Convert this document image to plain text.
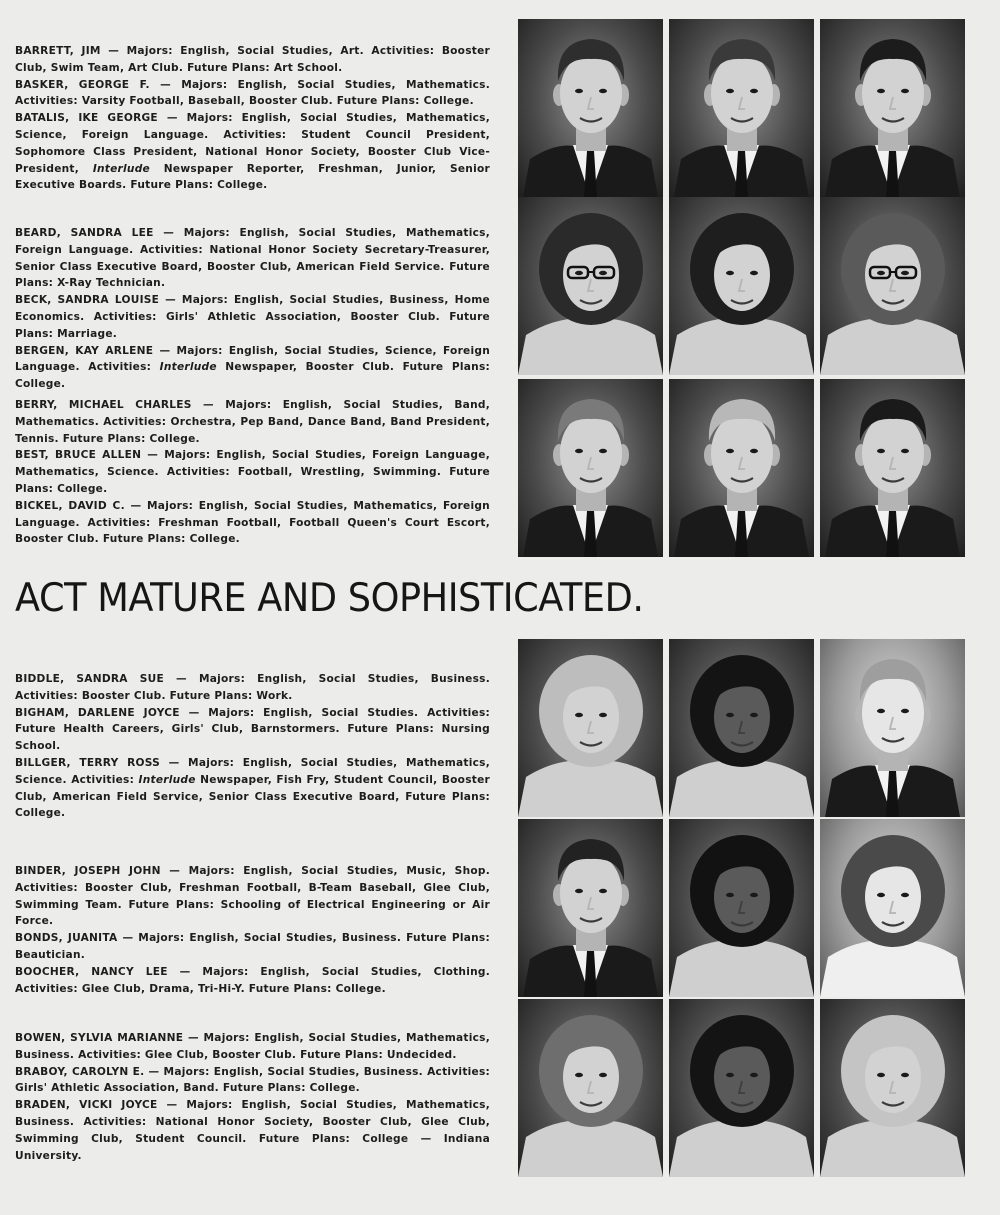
BARRETT, JIM — Majors: English, Social Studies, Art. Activities: Booster Club, Swim Team, Art Club. Future Plans: Art School.

BASKER, GEORGE F. — Majors: English, Social Studies, Mathematics. Activities: Varsity Football, Baseball, Booster Club. Future Plans: College.

BATALIS, IKE GEORGE — Majors: English, Social Studies, Mathematics, Science, Foreign Language. Activities: Student Council President, Sophomore Class President, National Honor Society, Booster Club Vice-President, Interlude Newspaper Reporter, Freshman, Junior, Senior Executive Boards. Future Plans: College.

BEARD, SANDRA LEE — Majors: English, Social Studies, Mathematics, Foreign Language. Activities: National Honor Society Secretary-Treasurer, Senior Class Executive Board, Booster Club, American Field Service. Future Plans: X-Ray Technician.

BECK, SANDRA LOUISE — Majors: English, Social Studies, Business, Home Economics. Activities: Girls' Athletic Association, Booster Club. Future Plans: Marriage.

BERGEN, KAY ARLENE — Majors: English, Social Studies, Science, Foreign Language. Activities: Interlude Newspaper, Booster Club. Future Plans: College.

BERRY, MICHAEL CHARLES — Majors: English, Social Studies, Band, Mathematics. Activities: Orchestra, Pep Band, Dance Band, Band President, Tennis. Future Plans: College.

BEST, BRUCE ALLEN — Majors: English, Social Studies, Foreign Language, Mathematics, Science. Activities: Football, Wrestling, Swimming. Future Plans: College.

BICKEL, DAVID C. — Majors: English, Social Studies, Mathematics, Foreign Language. Activities: Freshman Football, Football Queen's Court Escort, Booster Club. Future Plans: College.

ACT MATURE AND SOPHISTICATED.

BIDDLE, SANDRA SUE — Majors: English, Social Studies, Business. Activities: Booster Club. Future Plans: Work.

BIGHAM, DARLENE JOYCE — Majors: English, Social Studies. Activities: Future Health Careers, Girls' Club, Barnstormers. Future Plans: Nursing School.

BILLGER, TERRY ROSS — Majors: English, Social Studies, Mathematics, Science. Activities: Interlude Newspaper, Fish Fry, Student Council, Booster Club, American Field Service, Senior Class Executive Board, Future Plans: College.

BINDER, JOSEPH JOHN — Majors: English, Social Studies, Music, Shop. Activities: Booster Club, Freshman Football, B-Team Baseball, Glee Club, Swimming Team. Future Plans: Schooling of Electrical Engineering or Air Force.

BONDS, JUANITA — Majors: English, Social Studies, Business. Future Plans: Beautician.

BOOCHER, NANCY LEE — Majors: English, Social Studies, Clothing. Activities: Glee Club, Drama, Tri-Hi-Y. Future Plans: College.

BOWEN, SYLVIA MARIANNE — Majors: English, Social Studies, Mathematics, Business. Activities: Glee Club, Booster Club. Future Plans: Undecided.

BRABOY, CAROLYN E. — Majors: English, Social Studies, Business. Activities: Girls' Athletic Association, Band. Future Plans: College.

BRADEN, VICKI JOYCE — Majors: English, Social Studies, Mathematics, Business. Activities: National Honor Society, Booster Club, Glee Club, Swimming Club, Student Council. Future Plans: College — Indiana University.
